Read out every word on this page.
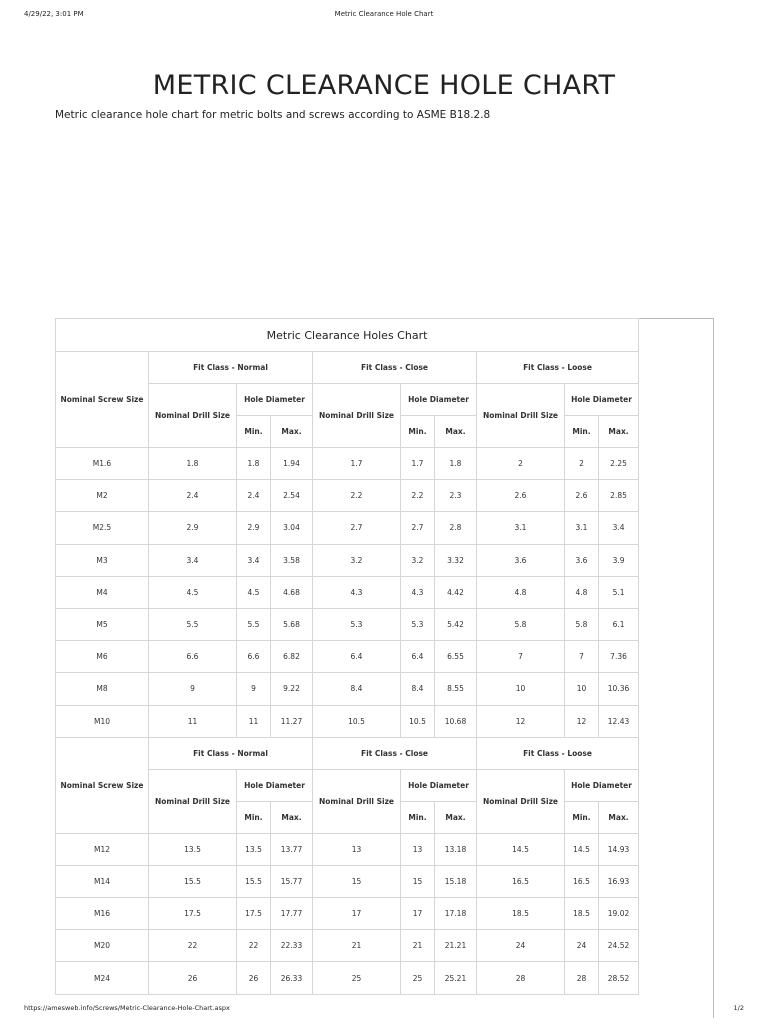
4/29/22, 3:01 PM	Metric Clearance Hole Chart
METRIC CLEARANCE HOLE CHART

Metric clearance hole chart for metric bolts and screws according to ASME B18.2.8

Metric Clearance Holes Chart									
Nominal Screw Size	Fit Class - Normal			Fit Class - Close			Fit Class - Loose		
	Nominal Drill Size	Hole Diameter		Nominal Drill Size	Hole Diameter		Nominal Drill Size	Hole Diameter	
		Min.	Max.		Min.	Max.		Min.	Max.
M1.6	1.8	1.8	1.94	1.7	1.7	1.8	2	2	2.25
M2	2.4	2.4	2.54	2.2	2.2	2.3	2.6	2.6	2.85
M2.5	2.9	2.9	3.04	2.7	2.7	2.8	3.1	3.1	3.4
M3	3.4	3.4	3.58	3.2	3.2	3.32	3.6	3.6	3.9
M4	4.5	4.5	4.68	4.3	4.3	4.42	4.8	4.8	5.1
M5	5.5	5.5	5.68	5.3	5.3	5.42	5.8	5.8	6.1
M6	6.6	6.6	6.82	6.4	6.4	6.55	7	7	7.36
M8	9	9	9.22	8.4	8.4	8.55	10	10	10.36
M10	11	11	11.27	10.5	10.5	10.68	12	12	12.43
Nominal Screw Size	Fit Class - Normal			Fit Class - Close			Fit Class - Loose		
	Nominal Drill Size	Hole Diameter		Nominal Drill Size	Hole Diameter		Nominal Drill Size	Hole Diameter	
		Min.	Max.		Min.	Max.		Min.	Max.
M12	13.5	13.5	13.77	13	13	13.18	14.5	14.5	14.93
M14	15.5	15.5	15.77	15	15	15.18	16.5	16.5	16.93
M16	17.5	17.5	17.77	17	17	17.18	18.5	18.5	19.02
M20	22	22	22.33	21	21	21.21	24	24	24.52
M24	26	26	26.33	25	25	25.21	28	28	28.52
https://amesweb.info/Screws/Metric-Clearance-Hole-Chart.aspx	1/2
